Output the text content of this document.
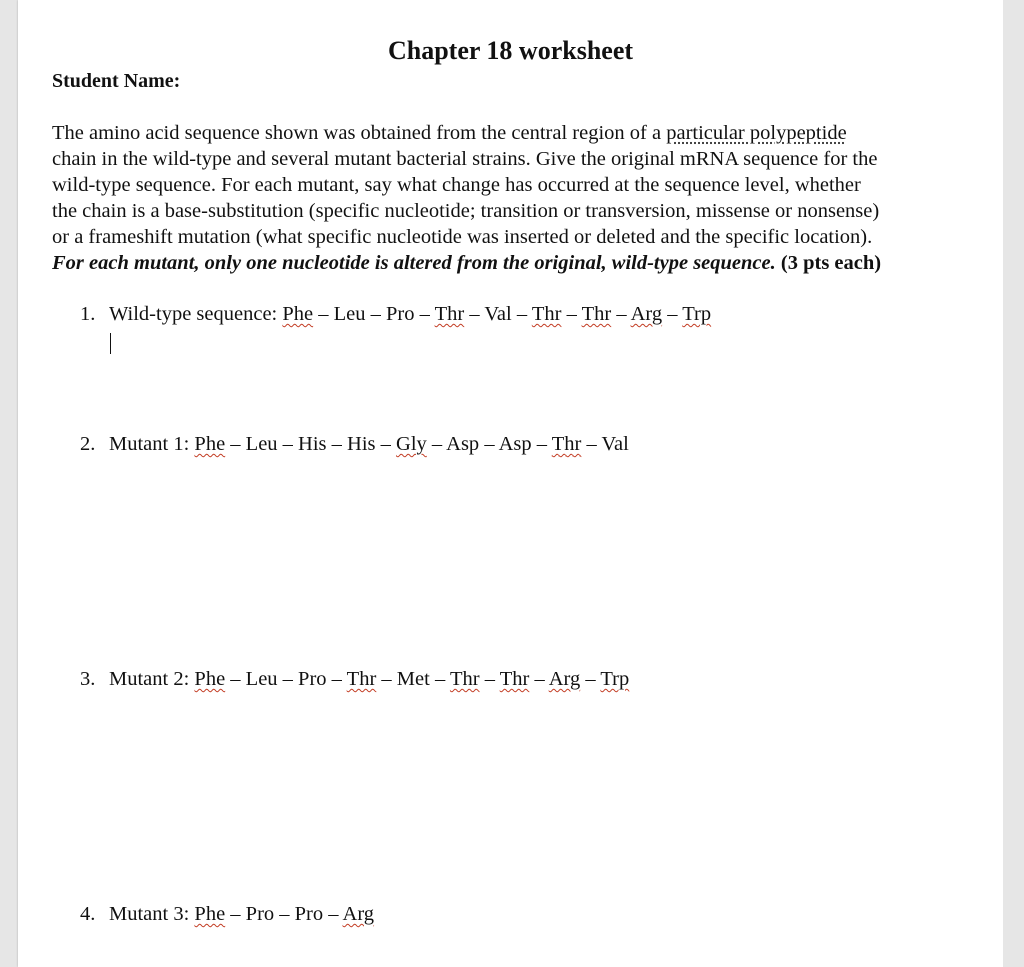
Chapter 18 worksheet
Student Name:
The amino acid sequence shown was obtained from the central region of a particular polypeptide
chain in the wild-type and several mutant bacterial strains. Give the original mRNA sequence for the
wild-type sequence. For each mutant, say what change has occurred at the sequence level, whether
the chain is a base-substitution (specific nucleotide; transition or transversion, missense or nonsense)
or a frameshift mutation (what specific nucleotide was inserted or deleted and the specific location).
For each mutant, only one nucleotide is altered from the original, wild-type sequence. (3 pts each)
1. Wild-type sequence: Phe – Leu – Pro – Thr – Val – Thr – Thr – Arg – Trp
2. Mutant 1: Phe – Leu – His – His – Gly – Asp – Asp – Thr – Val
3. Mutant 2: Phe – Leu – Pro – Thr – Met – Thr – Thr – Arg – Trp
4. Mutant 3: Phe – Pro – Pro – Arg
